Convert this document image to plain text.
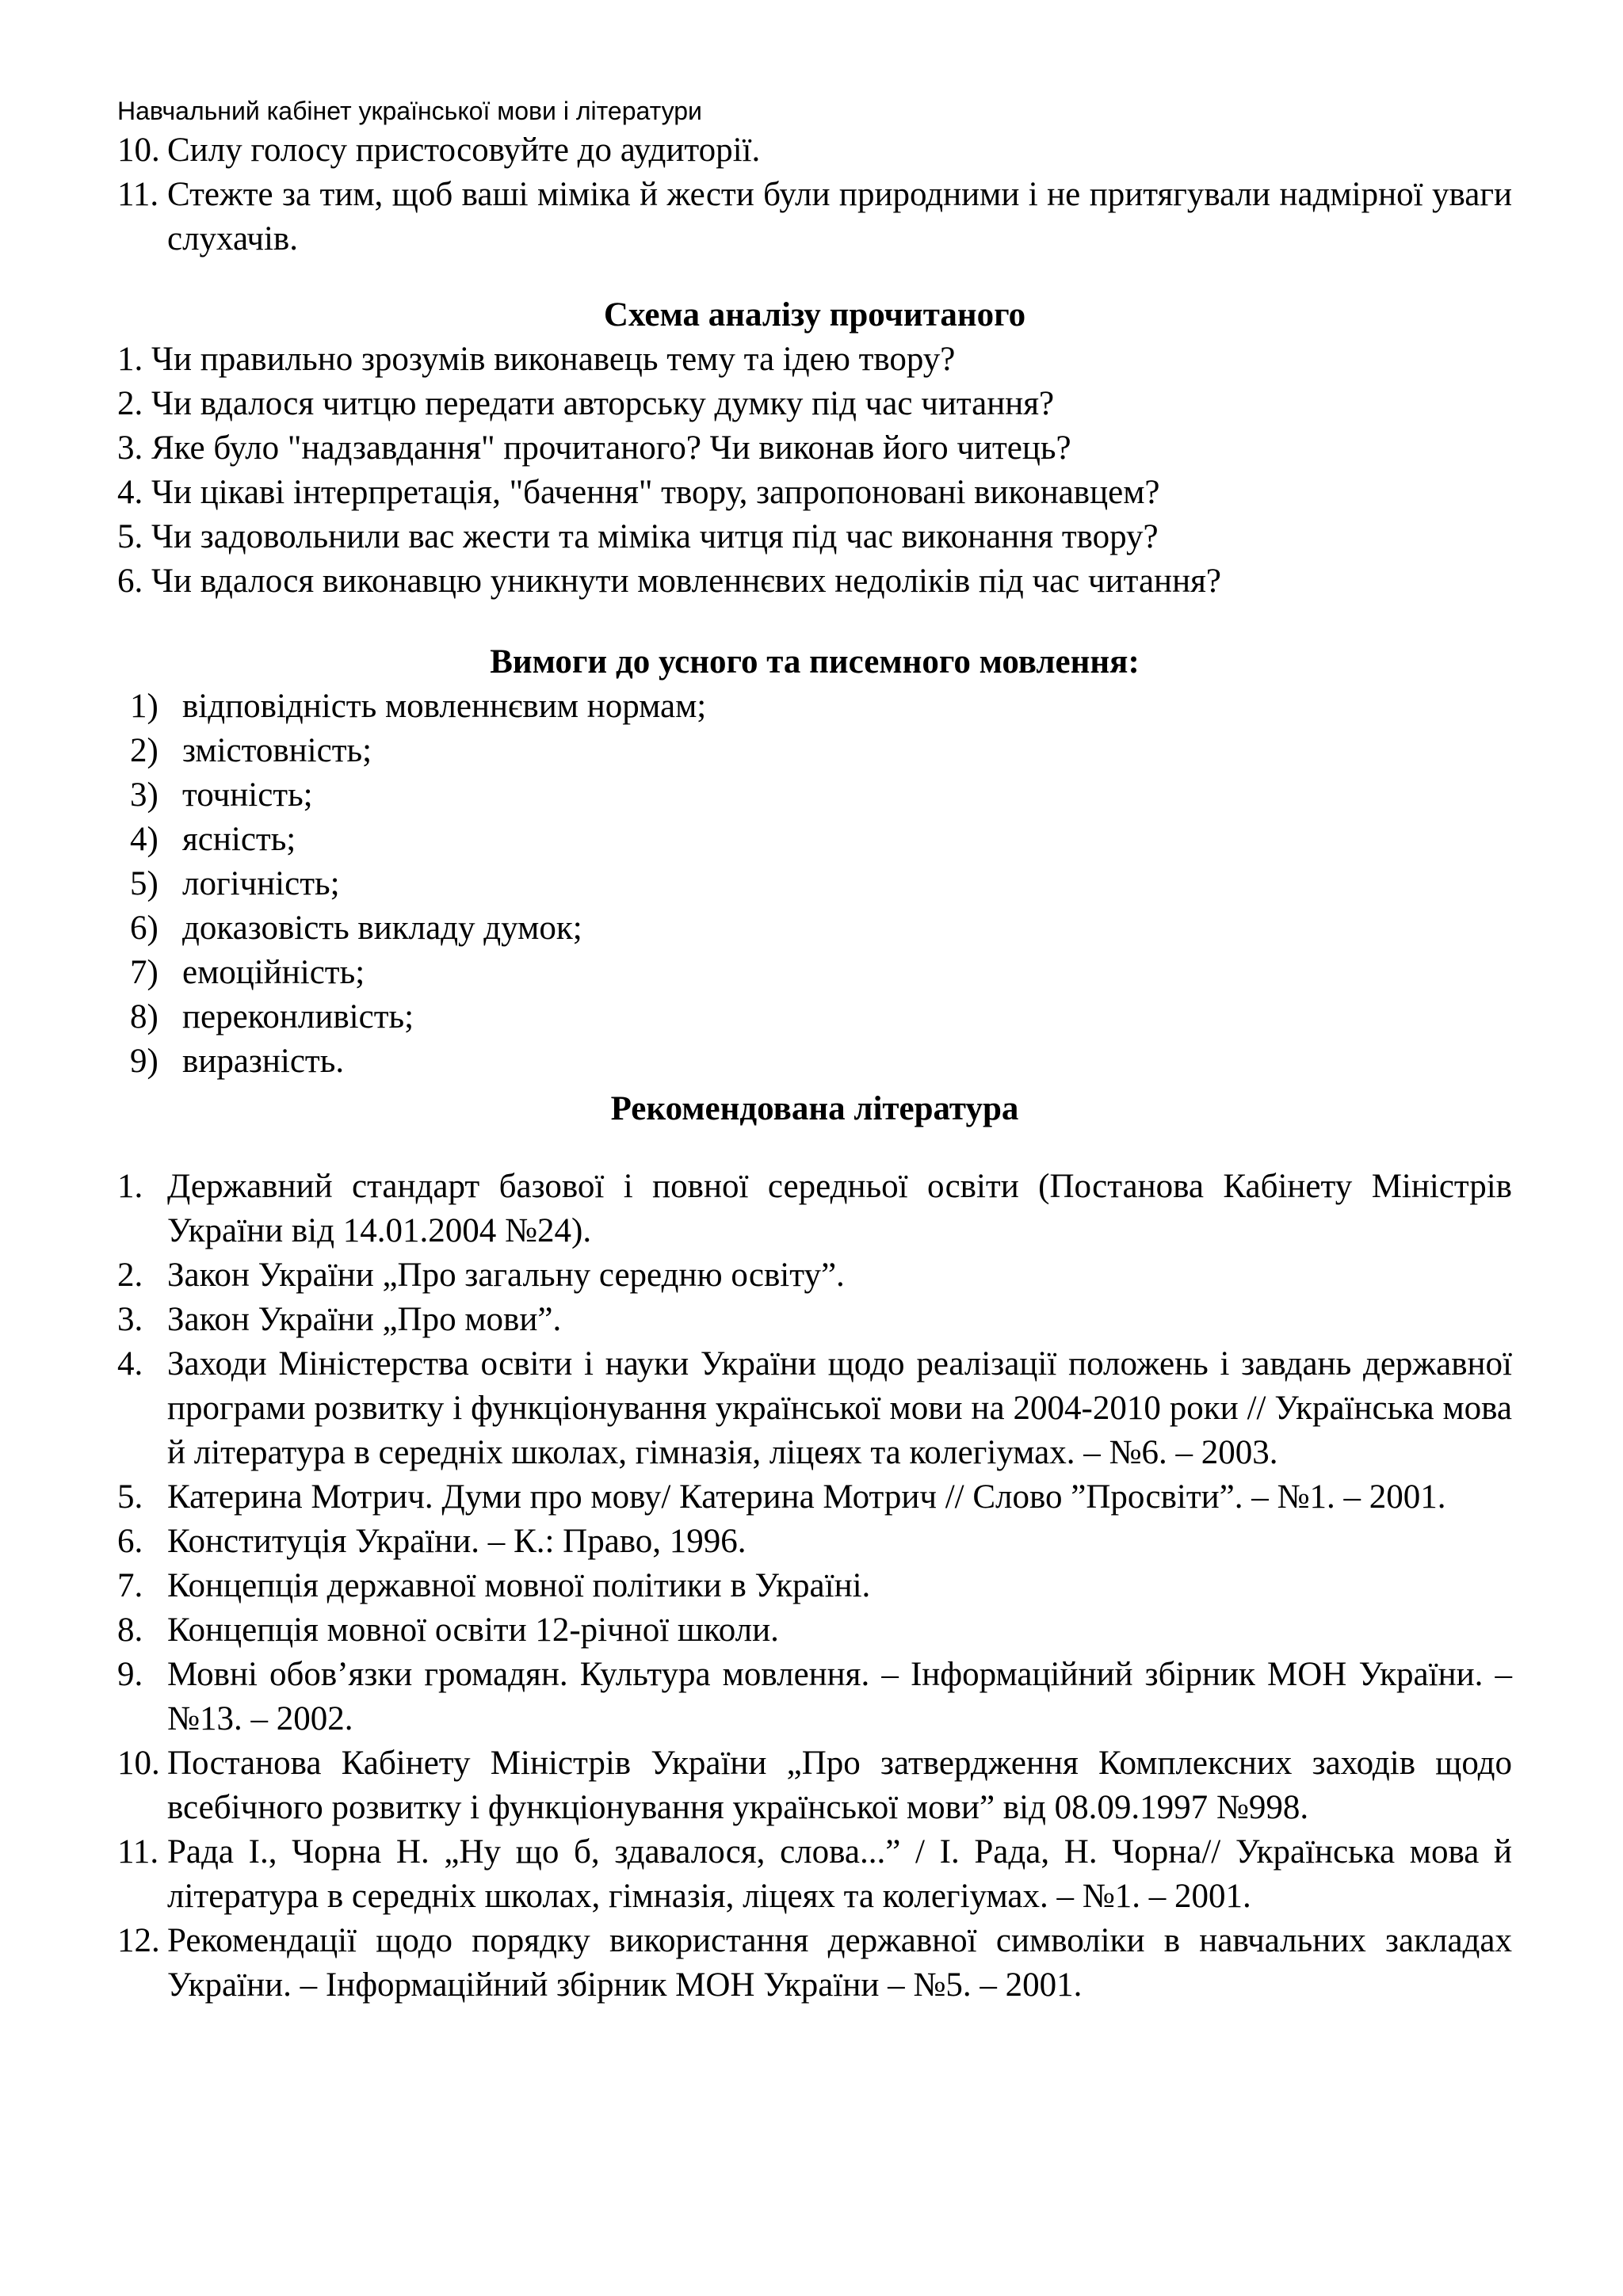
Навчальний кабінет української мови і літератури
10. Силу голосу пристосовуйте до аудиторії.
11. Стежте за тим, щоб ваші міміка й жести були природними і не притягували надмірної уваги слухачів.
Схема аналізу прочитаного
1. Чи правильно зрозумів виконавець тему та ідею твору?
2. Чи вдалося читцю передати авторську думку під час читання?
3. Яке було "надзавдання" прочитаного? Чи виконав його читець?
4. Чи цікаві інтерпретація, "бачення" твору, запропоновані виконавцем?
5. Чи задовольнили вас жести та міміка читця під час виконання твору?
6. Чи вдалося виконавцю уникнути мовленнєвих недоліків під час читання?
Вимоги до усного та писемного мовлення:
1) відповідність мовленнєвим нормам;
2) змістовність;
3) точність;
4) ясність;
5) логічність;
6) доказовість викладу думок;
7) емоційність;
8) переконливість;
9) виразність.
Рекомендована література
1. Державний стандарт базової і повної середньої освіти (Постанова Кабінету Міністрів України від 14.01.2004 №24).
2. Закон України „Про загальну середню освіту”.
3. Закон України „Про мови”.
4. Заходи Міністерства освіти і науки України щодо реалізації положень і завдань державної програми розвитку і функціонування української мови на 2004-2010 роки // Українська мова й література в середніх школах, гімназія, ліцеях та колегіумах. – №6. – 2003.
5. Катерина Мотрич. Думи про мову/ Катерина Мотрич // Слово ”Просвіти”. – №1. – 2001.
6. Конституція України. – К.: Право, 1996.
7. Концепція державної мовної політики в Україні.
8. Концепція мовної освіти 12-річної школи.
9. Мовні обов’язки громадян. Культура мовлення. – Інформаційний збірник МОН України. – №13. – 2002.
10. Постанова Кабінету Міністрів України „Про затвердження Комплексних заходів щодо всебічного розвитку і функціонування української мови” від 08.09.1997 №998.
11. Рада І., Чорна Н. „Ну що б, здавалося, слова...” / І. Рада, Н. Чорна// Українська мова й література в середніх школах, гімназія, ліцеях та колегіумах. – №1. – 2001.
12. Рекомендації щодо порядку використання державної символіки в навчальних закладах України. – Інформаційний збірник МОН України – №5. – 2001.
